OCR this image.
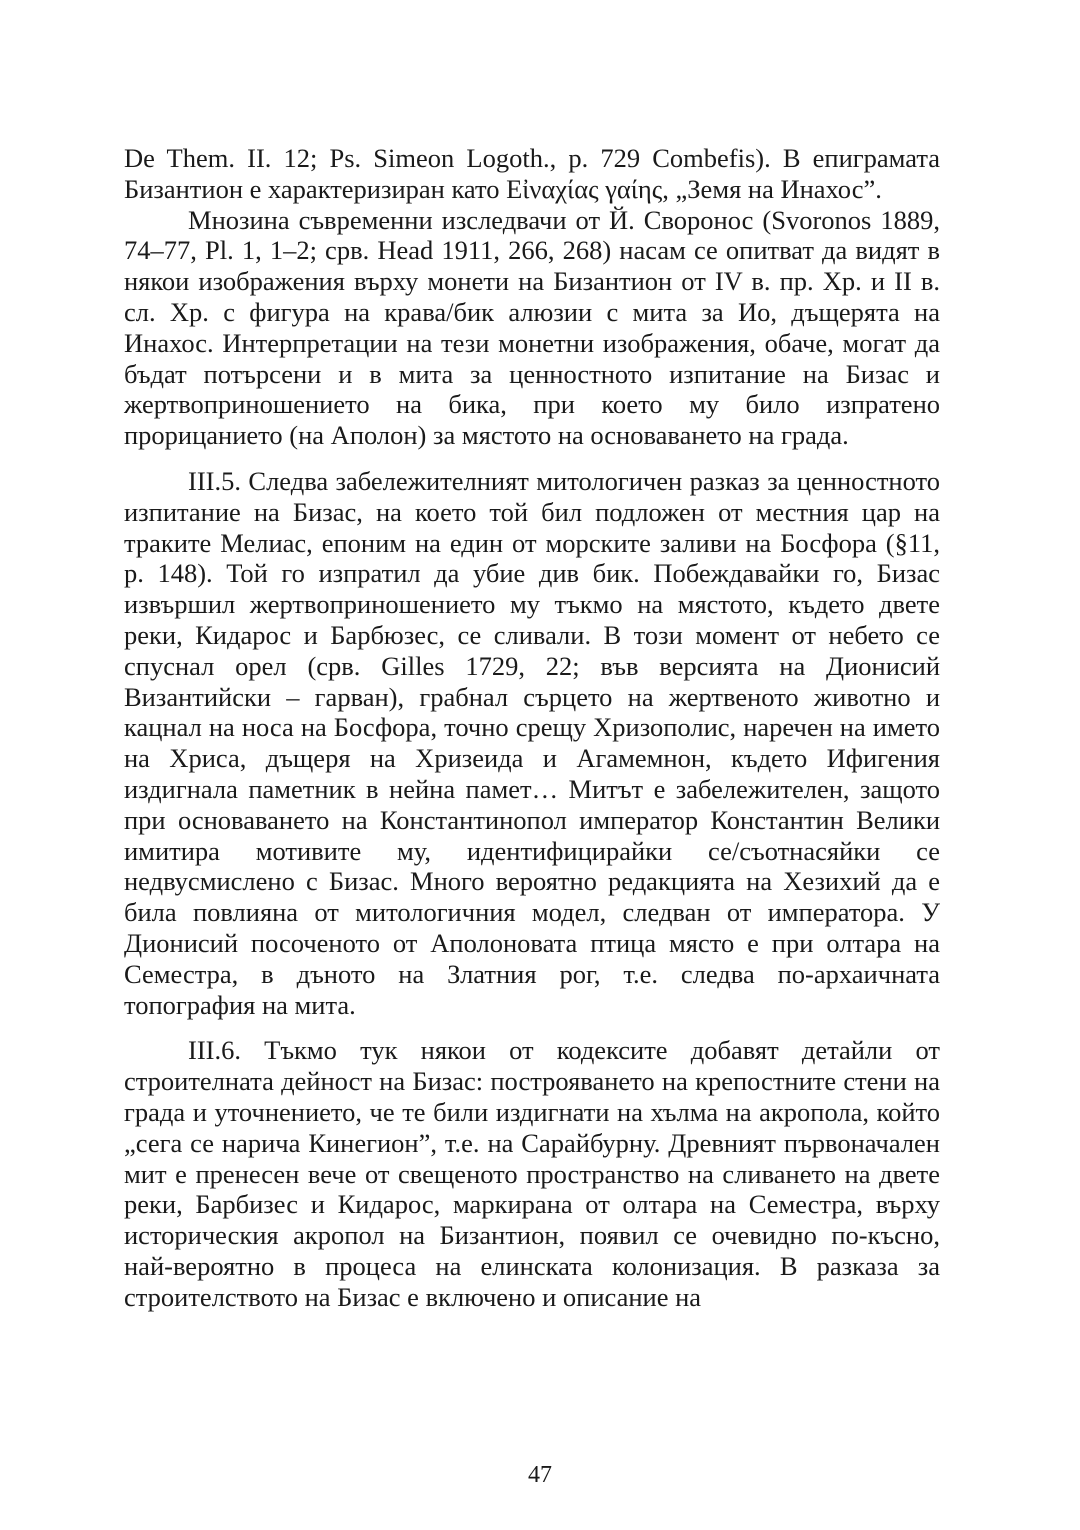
De Them. II. 12; Ps. Simeon Logoth., p. 729 Combefis). В епиграмата Бизантион е характеризиран като Εἰναχίας γαίης, „Земя на Инахос”.

Мнозина съвременни изследвачи от Й. Своронос (Svoronos 1889, 74–77, Pl. 1, 1–2; срв. Head 1911, 266, 268) насам се опитват да видят в някои изображения върху монети на Бизантион от IV в. пр. Хр. и II в. сл. Хр. с фигура на крава/бик алюзии с мита за Ио, дъщерята на Инахос. Интерпретации на тези монетни изображения, обаче, могат да бъдат потърсени и в мита за ценностното изпитание на Бизас и жертвоприношението на бика, при което му било изпратено прорицанието (на Аполон) за мястото на основаването на града.

III.5. Следва забележителният митологичен разказ за ценностното изпитание на Бизас, на което той бил подложен от местния цар на траките Мелиас, епоним на един от морските заливи на Босфора (§11, р. 148). Той го изпратил да убие див бик. Побеждавайки го, Бизас извършил жертвоприношението му тъкмо на мястото, където двете реки, Кидарос и Барбюзес, се сливали. В този момент от небето се спуснал орел (срв. Gilles 1729, 22; във версията на Дионисий Византийски – гарван), грабнал сърцето на жертвеното животно и кацнал на носа на Босфора, точно срещу Хризополис, наречен на името на Хриса, дъщеря на Хризеида и Агамемнон, където Ифигения издигнала паметник в нейна памет… Митът е забележителен, защото при основаването на Константинопол император Константин Велики имитира мотивите му, идентифицирайки се/съотнасяйки се недвусмислено с Бизас. Много вероятно редакцията на Хезихий да е била повлияна от митологичния модел, следван от императора. У Дионисий посоченото от Аполоновата птица място е при олтара на Семестра, в дъното на Златния рог, т.е. следва по-архаичната топография на мита.

III.6. Тъкмо тук някои от кодексите добавят детайли от строителната дейност на Бизас: построяването на крепостните стени на града и уточнението, че те били издигнати на хълма на акропола, който „сега се нарича Кинегион”, т.е. на Сарайбурну. Древният първоначален мит е пренесен вече от свещеното пространство на сливането на двете реки, Барбизес и Кидарос, маркирана от олтара на Семестра, върху историческия акропол на Бизантион, появил се очевидно по-късно, най-вероятно в процеса на елинската колонизация. В разказа за строителството на Бизас е включено и описание на

47
